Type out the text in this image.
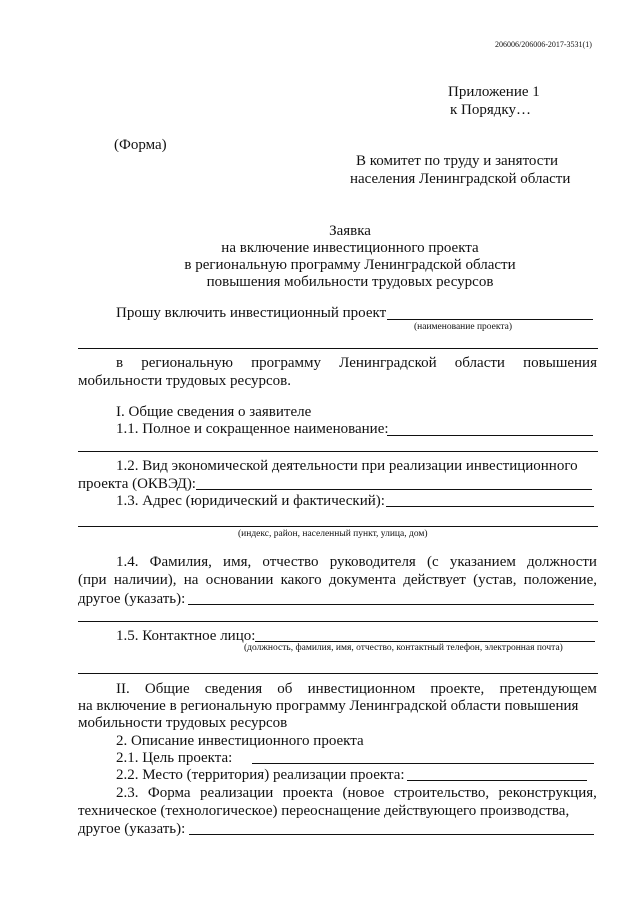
206006/206006-2017-3531(1)
Приложение 1
к Порядку…
(Форма)
В комитет по труду и занятости
населения Ленинградской области
Заявка
на включение инвестиционного проекта
в региональную программу Ленинградской области
повышения мобильности трудовых ресурсов
Прошу включить инвестиционный проект
(наименование проекта)
в региональную программу Ленинградской области повышения
мобильности трудовых ресурсов.
I. Общие сведения о заявителе
1.1. Полное и сокращенное наименование:
1.2. Вид экономической деятельности при реализации инвестиционного
проекта (ОКВЭД):
1.3. Адрес (юридический и фактический):
(индекс, район, населенный пункт, улица, дом)
1.4. Фамилия, имя, отчество руководителя (с указанием должности
(при наличии), на основании какого документа действует (устав, положение,
другое (указать):
1.5. Контактное лицо:
(должность, фамилия, имя, отчество, контактный телефон, электронная почта)
II. Общие сведения об инвестиционном проекте, претендующем
на включение в региональную программу Ленинградской области повышения
мобильности трудовых ресурсов
2. Описание инвестиционного проекта
2.1. Цель проекта:
2.2. Место (территория) реализации проекта:
2.3. Форма реализации проекта (новое строительство, реконструкция,
техническое (технологическое) переоснащение действующего производства,
другое (указать):
